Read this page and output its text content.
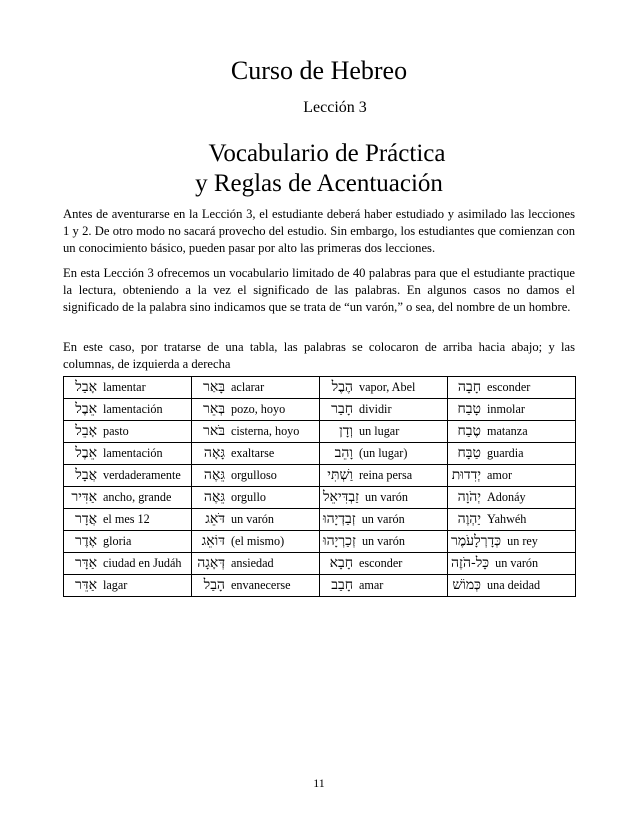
Curso de Hebreo
Lección 3
Vocabulario de Práctica
y Reglas de Acentuación
Antes de aventurarse en la Lección 3, el estudiante deberá haber estudiado y asimilado las lecciones 1 y 2. De otro modo no sacará provecho del estudio. Sin embargo, los estudiantes que comienzan con un conocimiento básico, pueden pasar por alto las primeras dos lecciones.
En esta Lección 3 ofrecemos un vocabulario limitado de 40 palabras para que el estudiante practique la lectura, obteniendo a la vez el significado de las palabras. En algunos casos no damos el significado de la palabra sino indicamos que se trata de “un varón,” o sea, del nombre de un hombre.
En este caso, por tratarse de una tabla, las palabras se colocaron de arriba hacia abajo; y las columnas, de izquierda a derecha
אָבַל lamentar	בָּאַר aclarar	הֶבֶל vapor, Abel	חָבָה esconder
אֵבֶל lamentación	בְּאֵר pozo, hoyo	חָבַר dividir	טָבַח inmolar
אָבֵל pasto	בֹּאר cisterna, hoyo	וְדָן un lugar	טֶבַח matanza
אֵבֶל lamentación	גָּאָה exaltarse	וָהֵב (un lugar)	טַבָּח guardia
אֲבָל verdaderamente	גֵּאֶה orgulloso	וַשְׁתִּי reina persa	יְדִדוּת amor
אַדִּיר ancho, grande	גֵּאֶה orgullo	זַבְדִּיאֵל un varón	יְהֹוָה Adonáy
אֲדָר el mes 12	דֹּאֵג un varón	זְבַדְיָהוּ un varón	יַהְוֶה Yahwéh
אֶדֶר gloria	דּוֹאֵג (el mismo)	זְכַרְיָהוּ un varón	כְּדָרְלָעֹמֶר un rey
אַדָּר ciudad en Judáh	דְּאָגָה ansiedad	חָבָא esconder	כָּל-הֹזֶה un varón
אַדֵּר lagar	הָבַל envanecerse	חָבַב amar	כְּמוֹשׁ una deidad
11
